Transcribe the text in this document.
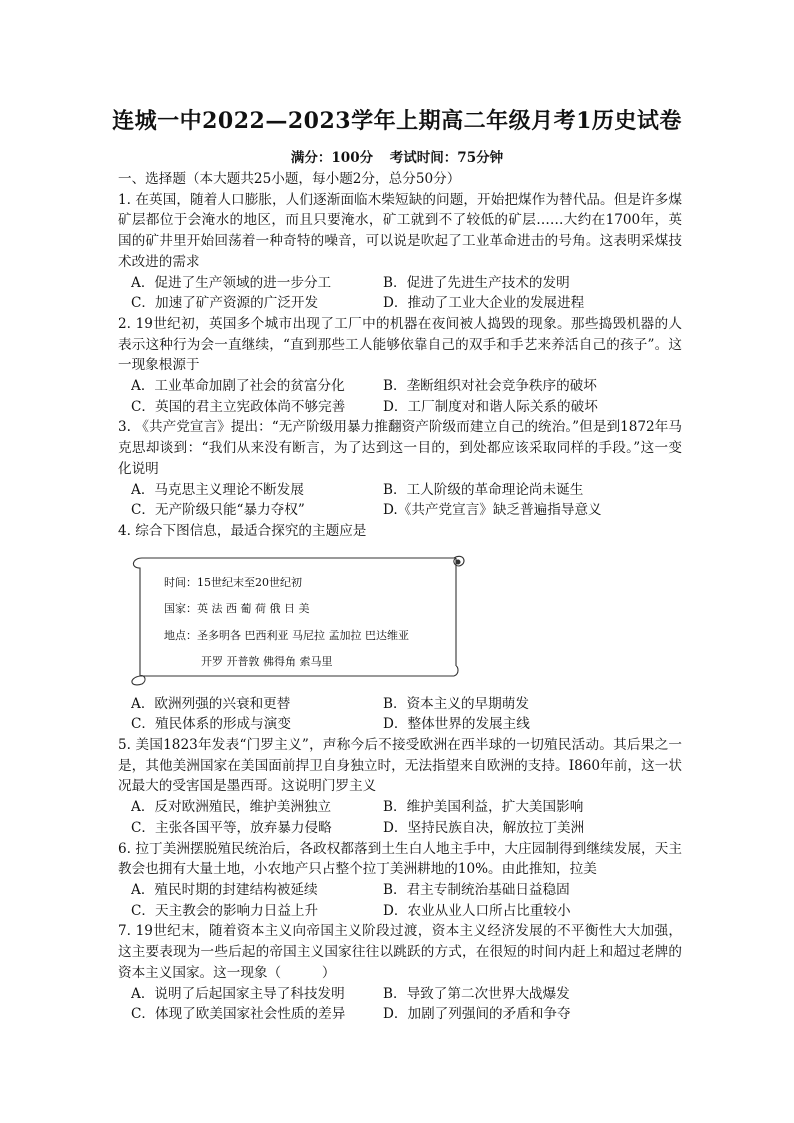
连城一中2022—2023学年上期高二年级月考1历史试卷
满分：100分 考试时间：75分钟
一、选择题（本大题共25小题，每小题2分，总分50分）
1. 在英国，随着人口膨胀，人们逐渐面临木柴短缺的问题，开始把煤作为替代品。但是许多煤矿层都位于会淹水的地区，而且只要淹水，矿工就到不了较低的矿层……大约在1700年，英国的矿井里开始回荡着一种奇特的噪音，可以说是吹起了工业革命进击的号角。这表明采煤技术改进的需求
A．促进了生产领域的进一步分工	B．促进了先进生产技术的发明
C．加速了矿产资源的广泛开发	D．推动了工业大企业的发展进程
2. 19世纪初，英国多个城市出现了工厂中的机器在夜间被人捣毁的现象。那些捣毁机器的人表示这种行为会一直继续，“直到那些工人能够依靠自己的双手和手艺来养活自己的孩子”。这一现象根源于
A．工业革命加剧了社会的贫富分化	B．垄断组织对社会竞争秩序的破坏
C．英国的君主立宪政体尚不够完善	D．工厂制度对和谐人际关系的破坏
3. 《共产党宣言》提出：“无产阶级用暴力推翻资产阶级而建立自己的统治。”但是到1872年马克思却谈到：“我们从来没有断言，为了达到这一目的，到处都应该采取同样的手段。”这一变化说明
A．马克思主义理论不断发展	B．工人阶级的革命理论尚未诞生
C．无产阶级只能“暴力夺权”	D.《共产党宣言》缺乏普遍指导意义
4. 综合下图信息，最适合探究的主题应是
时间：15世纪末至20世纪初
国家：英 法 西 葡 荷 俄 日 美
地点：圣多明各 巴西利亚 马尼拉 孟加拉 巴达维亚
开罗 开普敦 佛得角 索马里
A．欧洲列强的兴衰和更替	B．资本主义的早期萌发
C．殖民体系的形成与演变	D．整体世界的发展主线
5. 美国1823年发表“门罗主义”，声称今后不接受欧洲在西半球的一切殖民活动。其后果之一是，其他美洲国家在美国面前捍卫自身独立时，无法指望来自欧洲的支持。I860年前，这一状况最大的受害国是墨西哥。这说明门罗主义
A．反对欧洲殖民，维护美洲独立	B．维护美国利益，扩大美国影响
C．主张各国平等，放弃暴力侵略	D．坚持民族自决，解放拉丁美洲
6. 拉丁美洲摆脱殖民统治后，各政权都落到土生白人地主手中，大庄园制得到继续发展，天主教会也拥有大量土地，小农地产只占整个拉丁美洲耕地的10%。由此推知，拉美
A．殖民时期的封建结构被延续	B．君主专制统治基础日益稳固
C．天主教会的影响力日益上升	D．农业从业人口所占比重较小
7. 19世纪末，随着资本主义向帝国主义阶段过渡，资本主义经济发展的不平衡性大大加强，这主要表现为一些后起的帝国主义国家往往以跳跃的方式，在很短的时间内赶上和超过老牌的资本主义国家。这一现象（　　　）
A．说明了后起国家主导了科技发明	B．导致了第二次世界大战爆发
C．体现了欧美国家社会性质的差异	D．加剧了列强间的矛盾和争夺
